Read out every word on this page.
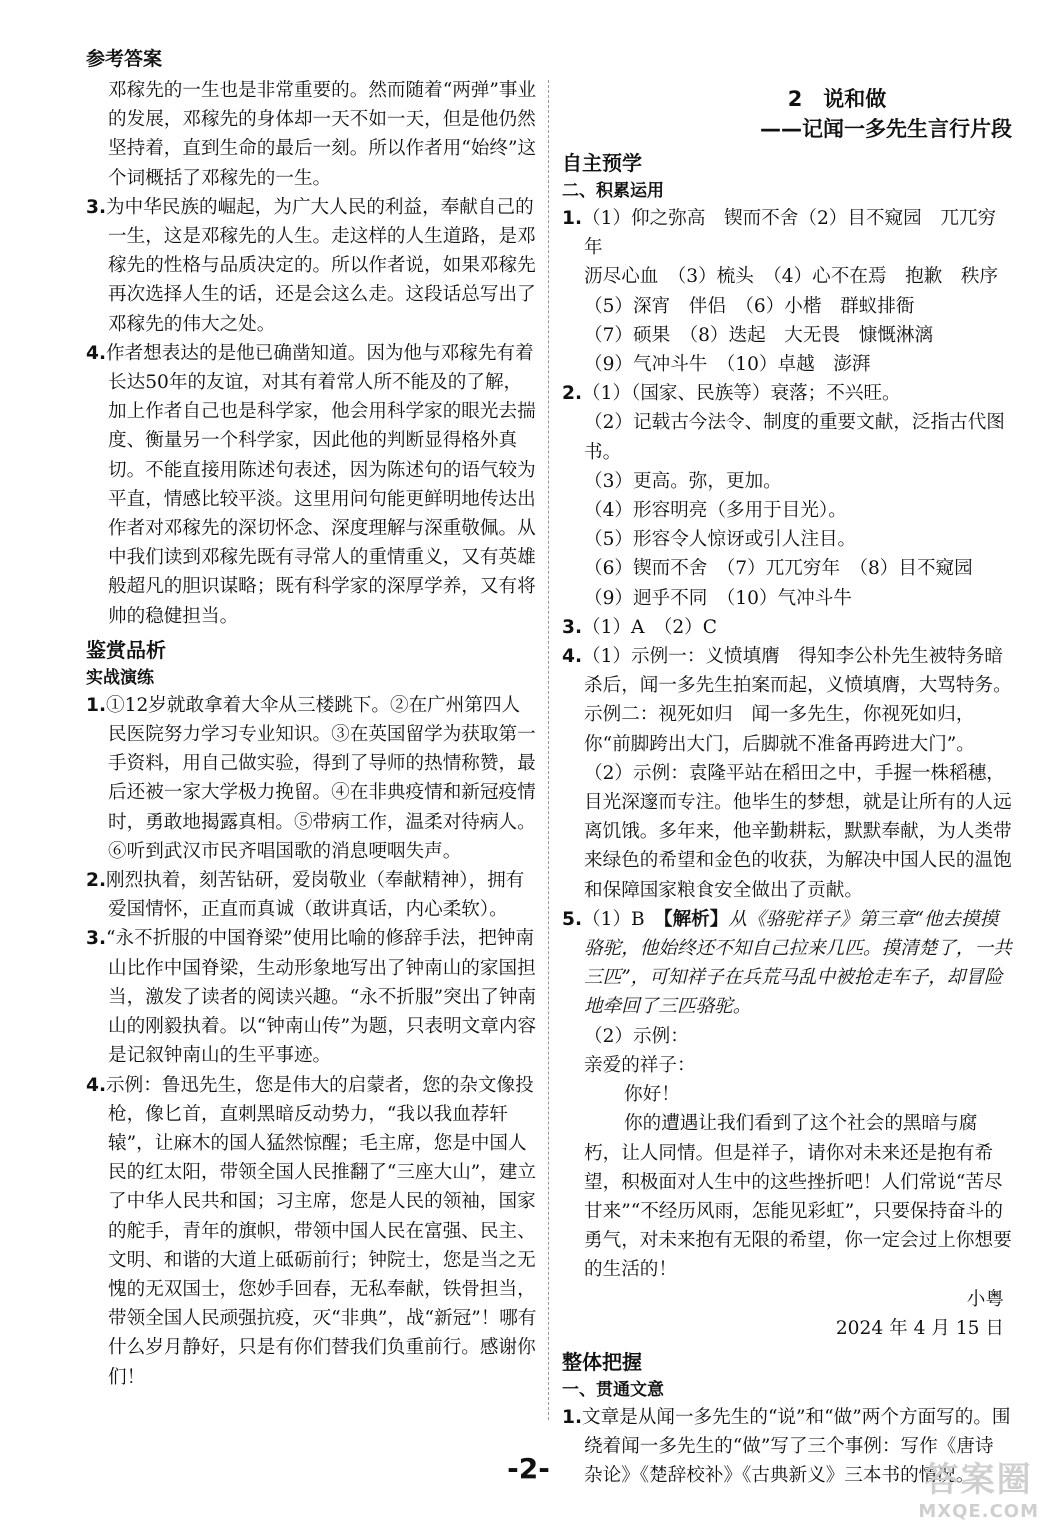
参考答案

邓稼先的一生也是非常重要的。然而随着“两弹”事业的发展，邓稼先的身体却一天不如一天，但是他仍然坚持着，直到生命的最后一刻。所以作者用“始终”这个词概括了邓稼先的一生。

3.为中华民族的崛起，为广大人民的利益，奉献自己的一生，这是邓稼先的人生。走这样的人生道路，是邓稼先的性格与品质决定的。所以作者说，如果邓稼先再次选择人生的话，还是会这么走。这段话总写出了邓稼先的伟大之处。

4.作者想表达的是他已确凿知道。因为他与邓稼先有着长达50年的友谊，对其有着常人所不能及的了解，加上作者自己也是科学家，他会用科学家的眼光去揣度、衡量另一个科学家，因此他的判断显得格外真切。不能直接用陈述句表述，因为陈述句的语气较为平直，情感比较平淡。这里用问句能更鲜明地传达出作者对邓稼先的深切怀念、深度理解与深重敬佩。从中我们读到邓稼先既有寻常人的重情重义，又有英雄般超凡的胆识谋略；既有科学家的深厚学养，又有将帅的稳健担当。

鉴赏品析
实战演练

1.①12岁就敢拿着大伞从三楼跳下。②在广州第四人民医院努力学习专业知识。③在英国留学为获取第一手资料，用自己做实验，得到了导师的热情称赞，最后还被一家大学极力挽留。④在非典疫情和新冠疫情时，勇敢地揭露真相。⑤带病工作，温柔对待病人。⑥听到武汉市民齐唱国歌的消息哽咽失声。

2.刚烈执着，刻苦钻研，爱岗敬业（奉献精神），拥有爱国情怀，正直而真诚（敢讲真话，内心柔软）。

3.“永不折服的中国脊梁”使用比喻的修辞手法，把钟南山比作中国脊梁，生动形象地写出了钟南山的家国担当，激发了读者的阅读兴趣。“永不折服”突出了钟南山的刚毅执着。以“钟南山传”为题，只表明文章内容是记叙钟南山的生平事迹。

4.示例：鲁迅先生，您是伟大的启蒙者，您的杂文像投枪，像匕首，直刺黑暗反动势力，“我以我血荐轩辕”，让麻木的国人猛然惊醒；毛主席，您是中国人民的红太阳，带领全国人民推翻了“三座大山”，建立了中华人民共和国；习主席，您是人民的领袖，国家的舵手，青年的旗帜，带领中国人民在富强、民主、文明、和谐的大道上砥砺前行；钟院士，您是当之无愧的无双国士，您妙手回春，无私奉献，铁骨担当，带领全国人民顽强抗疫，灭“非典”，战“新冠”！哪有什么岁月静好，只是有你们替我们负重前行。感谢你们！

2　说和做
——记闻一多先生言行片段
自主预学
二、积累运用

1.（1）仰之弥高　锲而不舍（2）目不窥园　兀兀穷年

沥尽心血　（3）梳头　（4）心不在焉　抱歉　秩序

（5）深宵　伴侣　（6）小楷　群蚁排衙

（7）硕果　（8）迭起　大无畏　慷慨淋漓

（9）气冲斗牛　（10）卓越　澎湃

2.（1）（国家、民族等）衰落；不兴旺。

（2）记载古今法令、制度的重要文献，泛指古代图书。

（3）更高。弥，更加。

（4）形容明亮（多用于目光）。

（5）形容令人惊讶或引人注目。

（6）锲而不舍　（7）兀兀穷年　（8）目不窥园

（9）迥乎不同　（10）气冲斗牛

3.（1）A　（2）C

4.（1）示例一：义愤填膺　得知李公朴先生被特务暗杀后，闻一多先生拍案而起，义愤填膺，大骂特务。

示例二：视死如归　闻一多先生，你视死如归，你“前脚跨出大门，后脚就不准备再跨进大门”。

（2）示例：袁隆平站在稻田之中，手握一株稻穗，目光深邃而专注。他毕生的梦想，就是让所有的人远离饥饿。多年来，他辛勤耕耘，默默奉献，为人类带来绿色的希望和金色的收获，为解决中国人民的温饱和保障国家粮食安全做出了贡献。

5.（1）B　【解析】从《骆驼祥子》第三章“他去摸摸骆驼，他始终还不知自己拉来几匹。摸清楚了，一共三匹”，可知祥子在兵荒马乱中被抢走车子，却冒险地牵回了三匹骆驼。

（2）示例：

亲爱的祥子：

你好！

你的遭遇让我们看到了这个社会的黑暗与腐朽，让人同情。但是祥子，请你对未来还是抱有希望，积极面对人生中的这些挫折吧！人们常说“苦尽甘来”“不经历风雨，怎能见彩虹”，只要保持奋斗的勇气，对未来抱有无限的希望，你一定会过上你想要的生活的！

小粤

2024 年 4 月 15 日

整体把握
一、贯通文意

1.文章是从闻一多先生的“说”和“做”两个方面写的。围绕着闻一多先生的“做”写了三个事例：写作《唐诗杂论》《楚辞校补》《古典新义》三本书的情况。

-2-	答案圈
MXQE.COM
